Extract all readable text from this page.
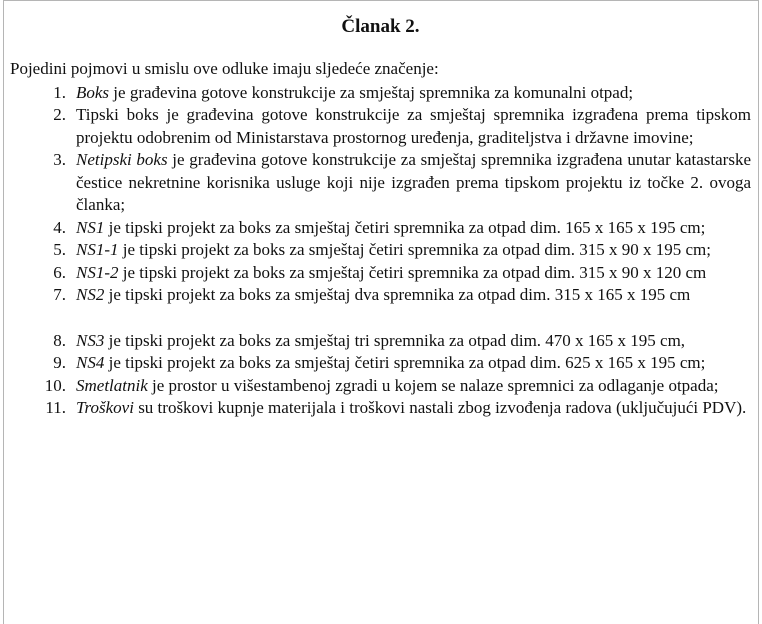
Članak 2.

Pojedini pojmovi u smislu ove odluke imaju sljedeće značenje:

1. Boks je građevina gotove konstrukcije za smještaj spremnika za komunalni otpad;
2. Tipski boks je građevina gotove konstrukcije za smještaj spremnika izgrađena prema tipskom projektu odobrenim od Ministarstava prostornog uređenja, graditeljstva i državne imovine;
3. Netipski boks je građevina gotove konstrukcije za smještaj spremnika izgrađena unutar katastarske čestice nekretnine korisnika usluge koji nije izgrađen prema tipskom projektu iz točke 2. ovoga članka;
4. NS1 je tipski projekt za boks za smještaj četiri spremnika za otpad dim. 165 x 165 x 195 cm;
5. NS1-1 je tipski projekt za boks za smještaj četiri spremnika za otpad dim. 315 x 90 x 195 cm;
6. NS1-2 je tipski projekt za boks za smještaj četiri spremnika za otpad dim. 315 x 90 x 120 cm
7. NS2 je tipski projekt za boks za smještaj dva spremnika za otpad dim. 315 x 165 x 195 cm
8. NS3 je tipski projekt za boks za smještaj tri spremnika za otpad dim. 470 x 165 x 195 cm,
9. NS4 je tipski projekt za boks za smještaj četiri spremnika za otpad dim. 625 x 165 x 195 cm;
10. Smetlatnik je prostor u višestambenoj zgradi u kojem se nalaze spremnici za odlaganje otpada;
11. Troškovi su troškovi kupnje materijala i troškovi nastali zbog izvođenja radova (uključujući PDV).
